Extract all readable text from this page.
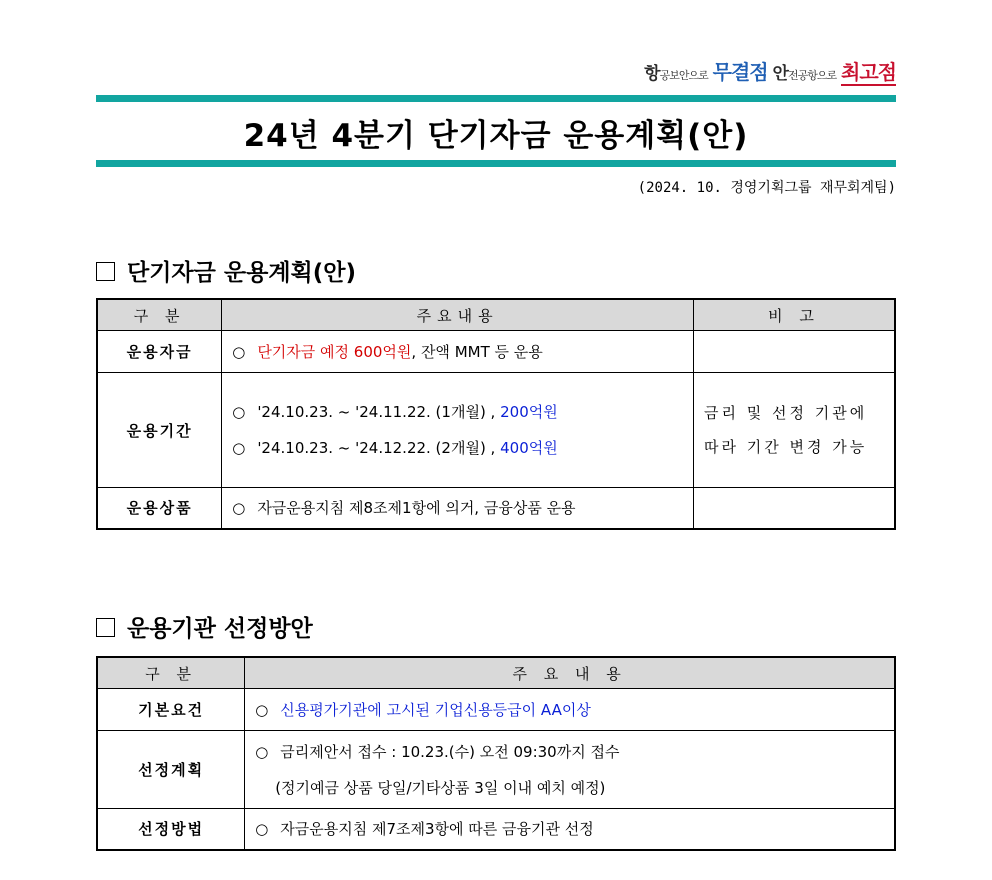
항공보안으로 무결점 안전공항으로 최고점
24년 4분기 단기자금 운용계획(안)
(2024. 10. 경영기획그룹 재무회계팀)
단기자금 운용계획(안)
구 분	주요내용	비 고
운용자금	○ 단기자금 예정 600억원, 잔액 MMT 등 운용	
운용기간	○ '24.10.23. ~ '24.11.22. (1개월) , 200억원
○ '24.10.23. ~ '24.12.22. (2개월) , 400억원	금리 및 선정 기관에 따라 기간 변경 가능
운용상품	○ 자금운용지침 제8조제1항에 의거, 금융상품 운용	
운용기관 선정방안
구 분	주 요 내 용
기본요건	○ 신용평가기관에 고시된 기업신용등급이 AA이상
선정계획	○ 금리제안서 접수 : 10.23.(수) 오전 09:30까지 접수
(정기예금 상품 당일/기타상품 3일 이내 예치 예정)

선정방법	○ 자금운용지침 제7조제3항에 따른 금융기관 선정
